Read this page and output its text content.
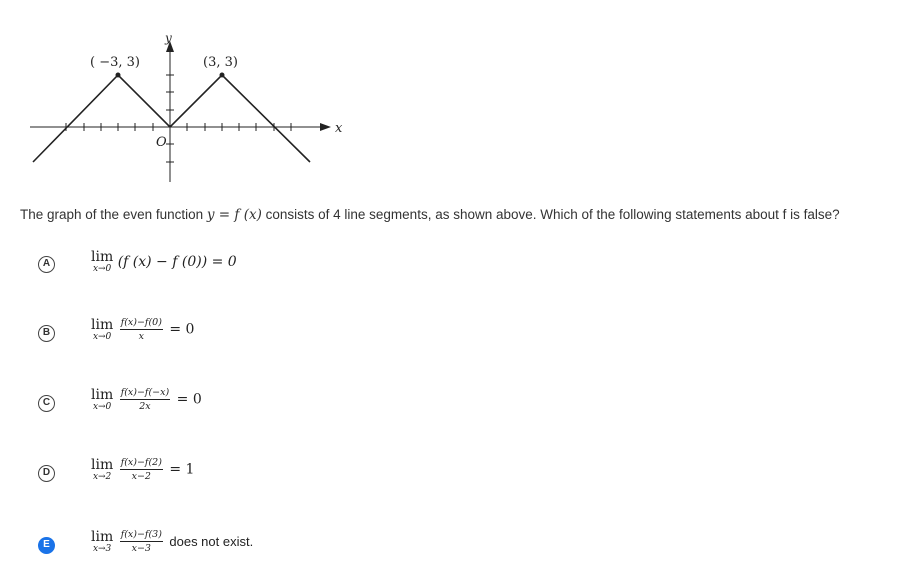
y
x
O
( −3, 3)	(3, 3)
The graph of the even function y = f (x) consists of 4 line segments, as shown above. Which of the following statements about f is false?
A	lim
x→0 (f (x) − f (0)) = 0
B	lim
x→0
$\frac{f(x)-f(0)}{x} = 0$
C	lim
x→0
$\frac{f(x)-f(-x)}{2x} = 0$
D	lim
x→2
$\frac{f(x)-f(2)}{x-2} = 1$
E	lim
x→3
$\frac{f(x)-f(3)}{x-3}$ does not exist.
